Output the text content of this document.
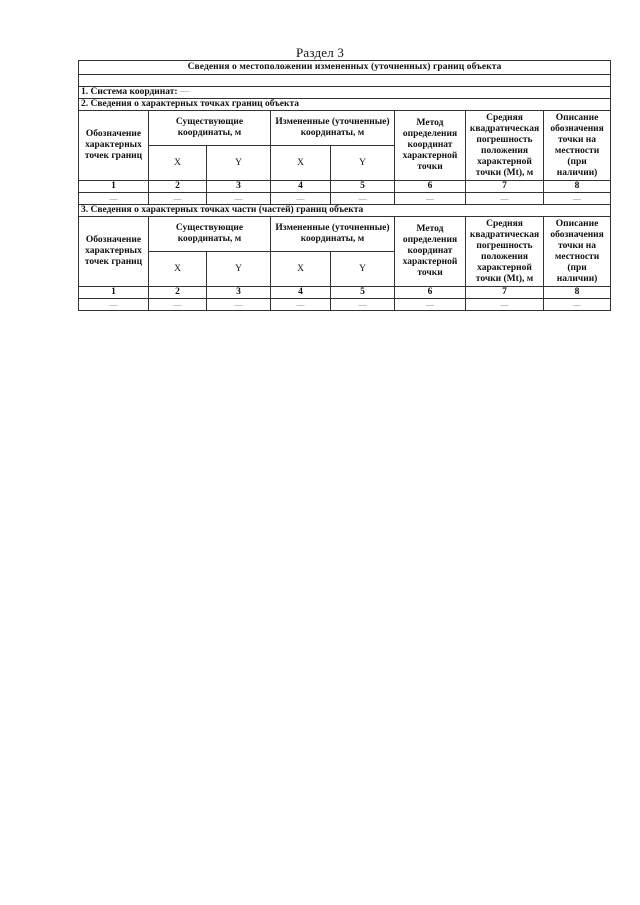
Раздел 3
Сведения о местоположении измененных (уточненных) границ объекта							

1. Система координат: —							
2. Сведения о характерных точках границ объекта							
Обозначение характерных точек границ	Существующие координаты, м		Измененные (уточненные) координаты, м		Метод определения координат характерной точки	Средняя квадратическая погрешность положения характерной точки (Mt), м	Описание обозначения точки на местности (при наличии)
	X	Y	X	Y			
1	2	3	4	5	6	7	8
—	—	—	—	—	—	—	—
3. Сведения о характерных точках части (частей) границ объекта							
Обозначение характерных точек границ	Существующие координаты, м		Измененные (уточненные) координаты, м		Метод определения координат характерной точки	Средняя квадратическая погрешность положения характерной точки (Mt), м	Описание обозначения точки на местности (при наличии)
	X	Y	X	Y			
1	2	3	4	5	6	7	8
—	—	—	—	—	—	—	—
